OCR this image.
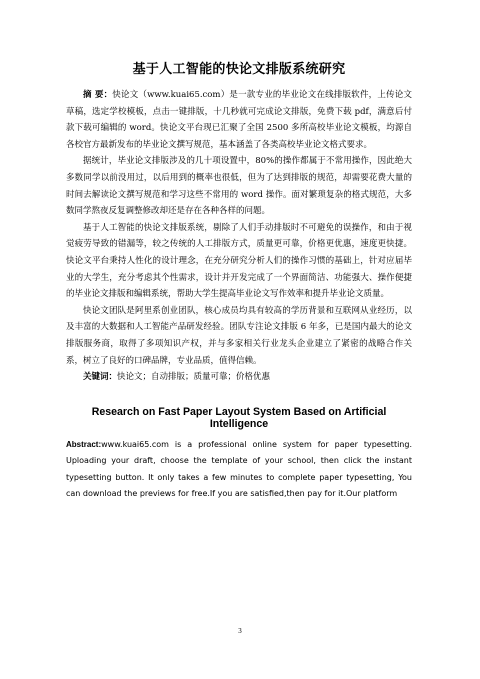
基于人工智能的快论文排版系统研究

摘 要：快论文（www.kuai65.com）是一款专业的毕业论文在线排版软件，上传论文草稿，选定学校模板，点击一键排版，十几秒就可完成论文排版，免费下载 pdf，满意后付款下载可编辑的 word。快论文平台现已汇聚了全国 2500 多所高校毕业论文模板，均源自各校官方最新发布的毕业论文撰写规范，基本涵盖了各类高校毕业论文格式要求。

据统计，毕业论文排版涉及的几十项设置中，80%的操作都属于不常用操作，因此绝大多数同学以前没用过，以后用到的概率也很低，但为了达到排版的规范，却需要花费大量的时间去解读论文撰写规范和学习这些不常用的 word 操作。面对繁琐复杂的格式规范，大多数同学熬夜反复调整修改却还是存在各种各样的问题。

基于人工智能的快论文排版系统，剔除了人们手动排版时不可避免的误操作，和由于视觉疲劳导致的错漏等，较之传统的人工排版方式，质量更可靠，价格更优惠，速度更快捷。快论文平台秉持人性化的设计理念，在充分研究分析人们的操作习惯的基础上，针对应届毕业的大学生，充分考虑其个性需求，设计并开发完成了一个界面简洁、功能强大、操作便捷的毕业论文排版和编辑系统，帮助大学生提高毕业论文写作效率和提升毕业论文质量。

快论文团队是阿里系创业团队，核心成员均具有较高的学历背景和互联网从业经历，以及丰富的大数据和人工智能产品研发经验。团队专注论文排版 6 年多，已是国内最大的论文排版服务商，取得了多项知识产权，并与多家相关行业龙头企业建立了紧密的战略合作关系，树立了良好的口碑品牌，专业品质，值得信赖。

关键词：快论文；自动排版；质量可靠；价格优惠

Research on Fast Paper Layout System Based on Artificial Intelligence

Abstract:www.kuai65.com is a professional online system for paper typesetting. Uploading your draft, choose the template of your school, then click the instant typesetting button. It only takes a few minutes to complete paper typesetting, You can download the previews for free.If you are satisfied,then pay for it.Our platform

3
